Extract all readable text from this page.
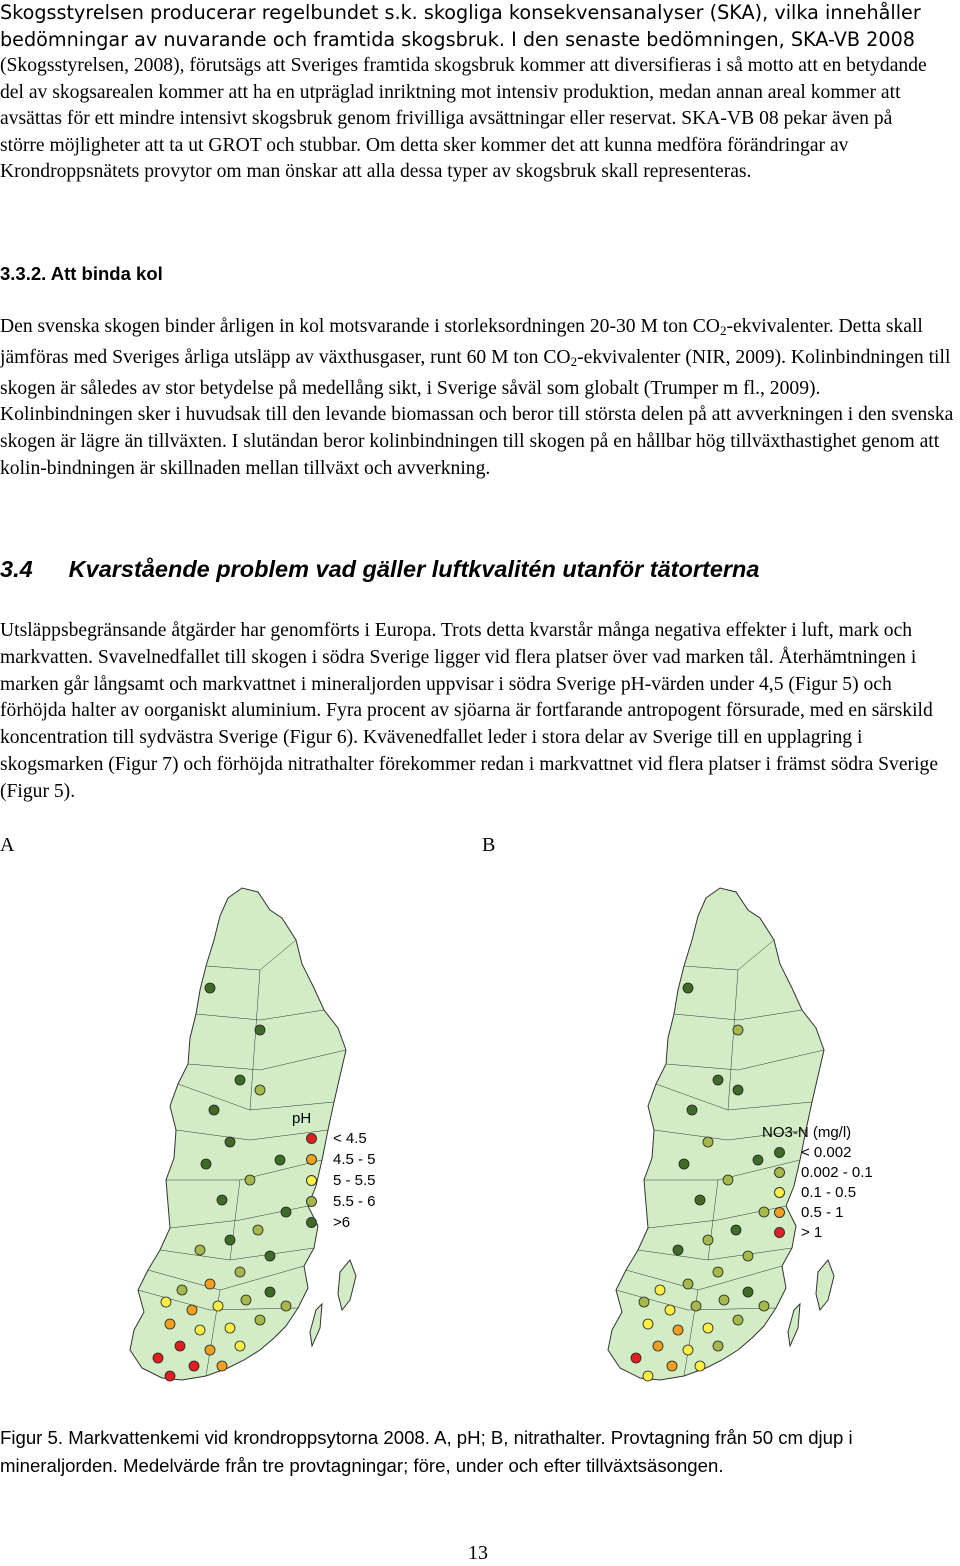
Skogsstyrelsen producerar regelbundet s.k. skogliga konsekvensanalyser (SKA), vilka innehåller
bedömningar av nuvarande och framtida skogsbruk. I den senaste bedömningen, SKA-VB 2008
(Skogsstyrelsen, 2008), förutsägs att Sveriges framtida skogsbruk kommer att diversifieras i så motto att en betydande del av skogsarealen kommer att ha en utpräglad inriktning mot intensiv produktion, medan annan areal kommer att avsättas för ett mindre intensivt skogsbruk genom frivilliga avsättningar eller reservat. SKA-VB 08 pekar även på större möjligheter att ta ut GROT och stubbar. Om detta sker kommer det att kunna medföra förändringar av Krondroppsnätets provytor om man önskar att alla dessa typer av skogsbruk skall representeras.
3.3.2. Att binda kol
Den svenska skogen binder årligen in kol motsvarande i storleksordningen 20-30 M ton $CO_2$-ekvivalenter. Detta skall jämföras med Sveriges årliga utsläpp av växthusgaser, runt 60 M ton $CO_2$-ekvivalenter (NIR, 2009). Kolinbindningen till skogen är således av stor betydelse på medellång sikt, i Sverige såväl som globalt (Trumper m fl., 2009). Kolinbindningen sker i huvudsak till den levande biomassan och beror till största delen på att avverkningen i den svenska skogen är lägre än tillväxten. I slutändan beror kolinbindningen till skogen på en hållbar hög tillväxthastighet genom att kolin-bindningen är skillnaden mellan tillväxt och avverkning.
3.4 Kvarstående problem vad gäller luftkvalitén utanför tätorterna
Utsläppsbegränsande åtgärder har genomförts i Europa. Trots detta kvarstår många negativa effekter i luft, mark och markvatten. Svavelnedfallet till skogen i södra Sverige ligger vid flera platser över vad marken tål. Återhämtningen i marken går långsamt och markvattnet i mineraljorden uppvisar i södra Sverige pH-värden under 4,5 (Figur 5) och förhöjda halter av oorganiskt aluminium. Fyra procent av sjöarna är fortfarande antropogent försurade, med en särskild koncentration till sydvästra Sverige (Figur 6). Kvävenedfallet leder i stora delar av Sverige till en upplagring i skogsmarken (Figur 7) och förhöjda nitrathalter förekommer redan i markvattnet vid flera platser i främst södra Sverige (Figur 5).
A	B
pH
< 4.5
4.5 - 5
5 - 5.5
5.5 - 6
>6
NO3-N (mg/l)
< 0.002
0.002 - 0.1
0.1 - 0.5
0.5 - 1
> 1
Figur 5. Markvattenkemi vid krondroppsytorna 2008. A, pH; B, nitrathalter. Provtagning från 50 cm djup i mineraljorden. Medelvärde från tre provtagningar; före, under och efter tillväxtsäsongen.
13
